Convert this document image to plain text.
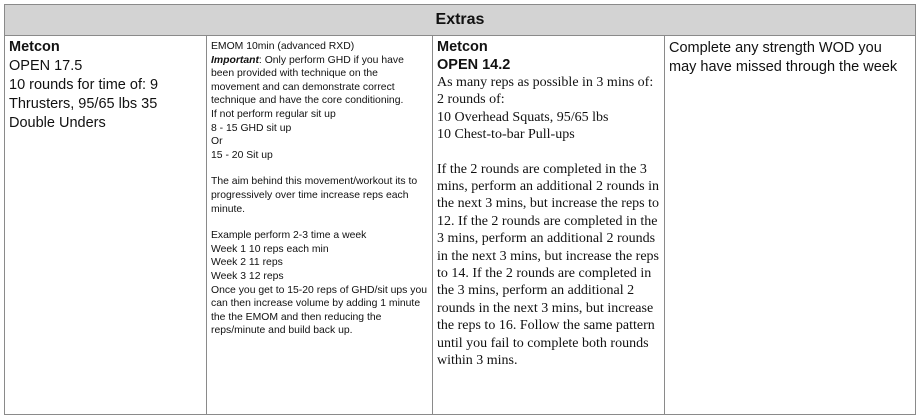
Extras
Metcon
OPEN 17.5
10 rounds for time of: 9 Thrusters, 95/65 lbs 35 Double Unders
EMOM 10min (advanced RXD)
Important: Only perform GHD if you have been provided with technique on the movement and can demonstrate correct technique and have the core conditioning.
If not perform regular sit up
8 - 15 GHD sit up
Or
15 - 20 Sit up
The aim behind this movement/workout its to progressively over time increase reps each minute.
Example perform 2-3 time a week
Week 1 10 reps each min
Week 2 11 reps
Week 3 12 reps
Once you get to 15-20 reps of GHD/sit ups you can then increase volume by adding 1 minute the the EMOM and then reducing the reps/minute and build back up.
Metcon
OPEN 14.2
As many reps as possible in 3 mins of: 2 rounds of:
10 Overhead Squats, 95/65 lbs
10 Chest-to-bar Pull-ups
If the 2 rounds are completed in the 3 mins, perform an additional 2 rounds in the next 3 mins, but increase the reps to 12. If the 2 rounds are completed in the 3 mins, perform an additional 2 rounds in the next 3 mins, but increase the reps to 14. If the 2 rounds are completed in the 3 mins, perform an additional 2 rounds in the next 3 mins, but increase the reps to 16. Follow the same pattern until you fail to complete both rounds within 3 mins.
Complete any strength WOD you may have missed through the week
